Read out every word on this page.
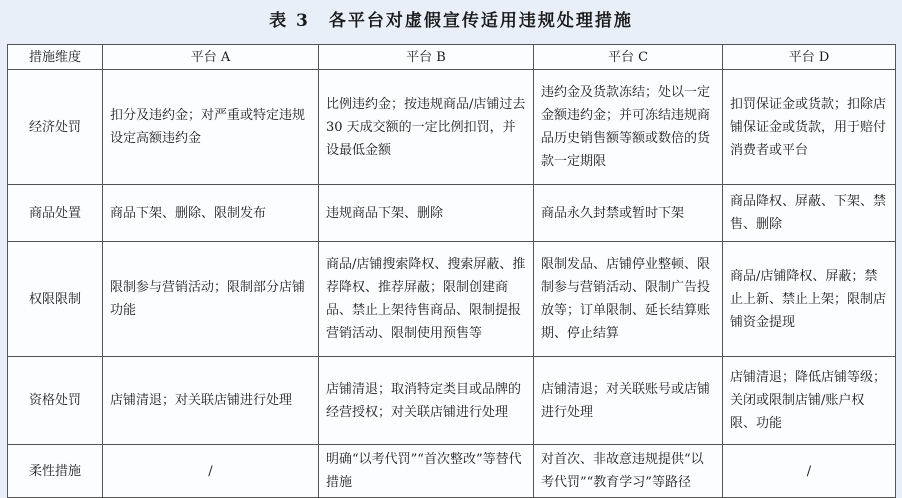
表 3　各平台对虚假宣传适用违规处理措施
措施维度	平台 A	平台 B	平台 C	平台 D
经济处罚	扣分及违约金；对严重或特定违规设定高额违约金	比例违约金；按违规商品/店铺过去 30 天成交额的一定比例扣罚，并设最低金额	违约金及货款冻结；处以一定金额违约金；并可冻结违规商品历史销售额等额或数倍的货款一定期限	扣罚保证金或货款；扣除店铺保证金或货款，用于赔付消费者或平台
商品处置	商品下架、删除、限制发布	违规商品下架、删除	商品永久封禁或暂时下架	商品降权、屏蔽、下架、禁售、删除
权限限制	限制参与营销活动；限制部分店铺功能	商品/店铺搜索降权、搜索屏蔽、推荐降权、推荐屏蔽；限制创建商品、禁止上架待售商品、限制提报营销活动、限制使用预售等	限制发品、店铺停业整顿、限制参与营销活动、限制广告投放等；订单限制、延长结算账期、停止结算	商品/店铺降权、屏蔽；禁止上新、禁止上架；限制店铺资金提现
资格处罚	店铺清退；对关联店铺进行处理	店铺清退；取消特定类目或品牌的经营授权；对关联店铺进行处理	店铺清退；对关联账号或店铺进行处理	店铺清退；降低店铺等级；关闭或限制店铺/账户权限、功能
柔性措施	/	明确“以考代罚”“首次整改”等替代措施	对首次、非故意违规提供“以考代罚”“教育学习”等路径	/
